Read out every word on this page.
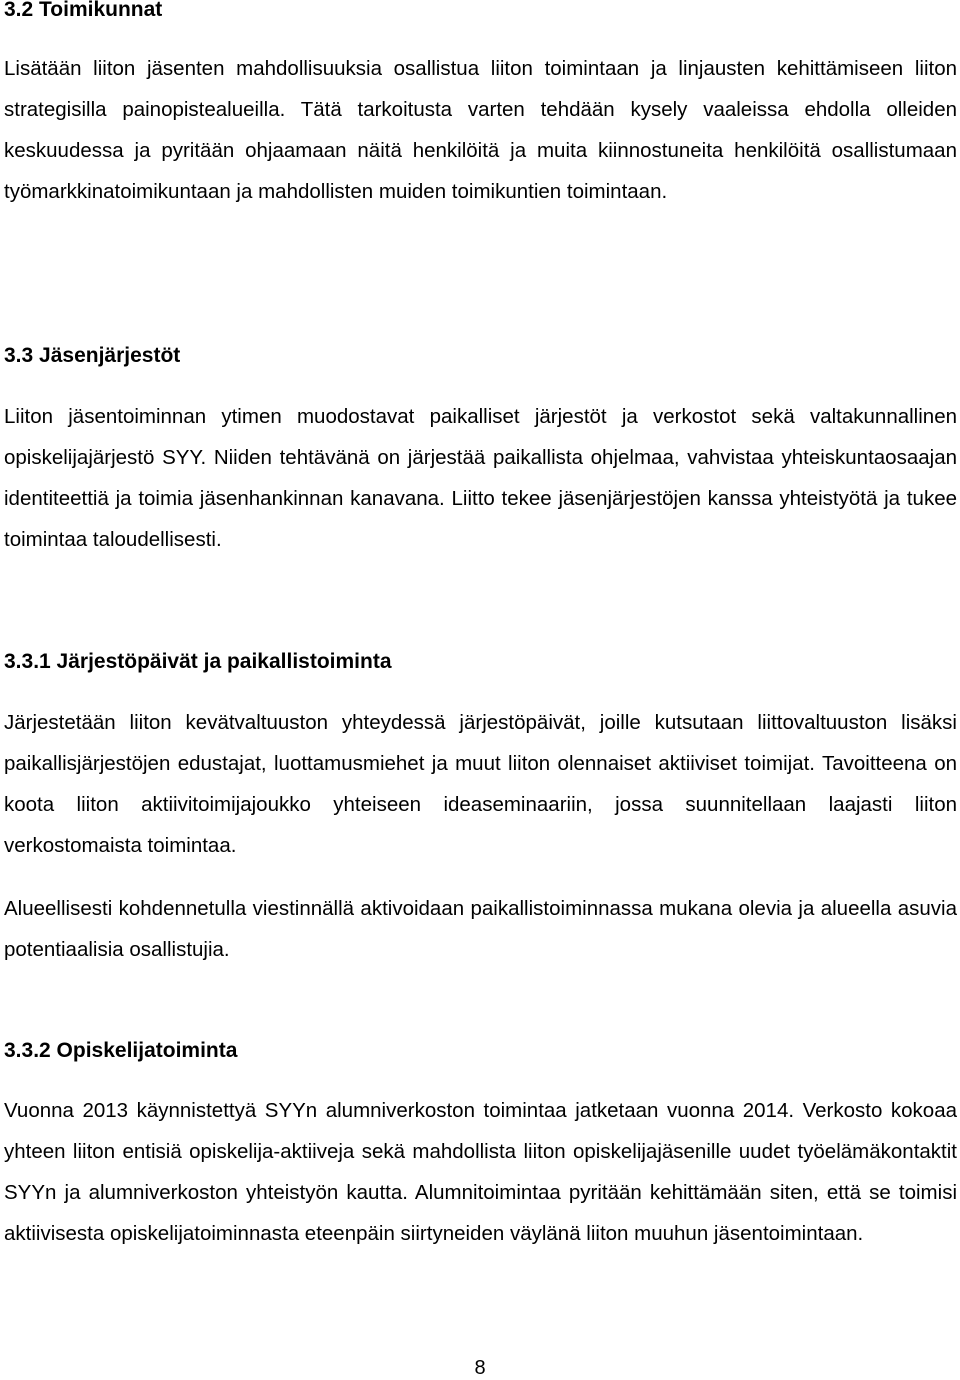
3.2 Toimikunnat

Lisätään liiton jäsenten mahdollisuuksia osallistua liiton toimintaan ja linjausten kehittämiseen liiton strategisilla painopistealueilla. Tätä tarkoitusta varten tehdään kysely vaaleissa ehdolla olleiden keskuudessa ja pyritään ohjaamaan näitä henkilöitä ja muita kiinnostuneita henkilöitä osallistumaan työmarkkinatoimikuntaan ja mahdollisten muiden toimikuntien toimintaan.

3.3 Jäsenjärjestöt

Liiton jäsentoiminnan ytimen muodostavat paikalliset järjestöt ja verkostot sekä valtakunnallinen opiskelijajärjestö SYY. Niiden tehtävänä on järjestää paikallista ohjelmaa, vahvistaa yhteiskuntaosaajan identiteettiä ja toimia jäsenhankinnan kanavana. Liitto tekee jäsenjärjestöjen kanssa yhteistyötä ja tukee toimintaa taloudellisesti.

3.3.1 Järjestöpäivät ja paikallistoiminta

Järjestetään liiton kevätvaltuuston yhteydessä järjestöpäivät, joille kutsutaan liittovaltuuston lisäksi paikallisjärjestöjen edustajat, luottamusmiehet ja muut liiton olennaiset aktiiviset toimijat. Tavoitteena on koota liiton aktiivitoimijajoukko yhteiseen ideaseminaariin, jossa suunnitellaan laajasti liiton verkostomaista toimintaa.

Alueellisesti kohdennetulla viestinnällä aktivoidaan paikallistoiminnassa mukana olevia ja alueella asuvia potentiaalisia osallistujia.

3.3.2 Opiskelijatoiminta

Vuonna 2013 käynnistettyä SYYn alumniverkoston toimintaa jatketaan vuonna 2014. Verkosto kokoaa yhteen liiton entisiä opiskelija-aktiiveja sekä mahdollista liiton opiskelijajäsenille uudet työelämäkontaktit SYYn ja alumniverkoston yhteistyön kautta. Alumnitoimintaa pyritään kehittämään siten, että se toimisi aktiivisesta opiskelijatoiminnasta eteenpäin siirtyneiden väylänä liiton muuhun jäsentoimintaan.

8
